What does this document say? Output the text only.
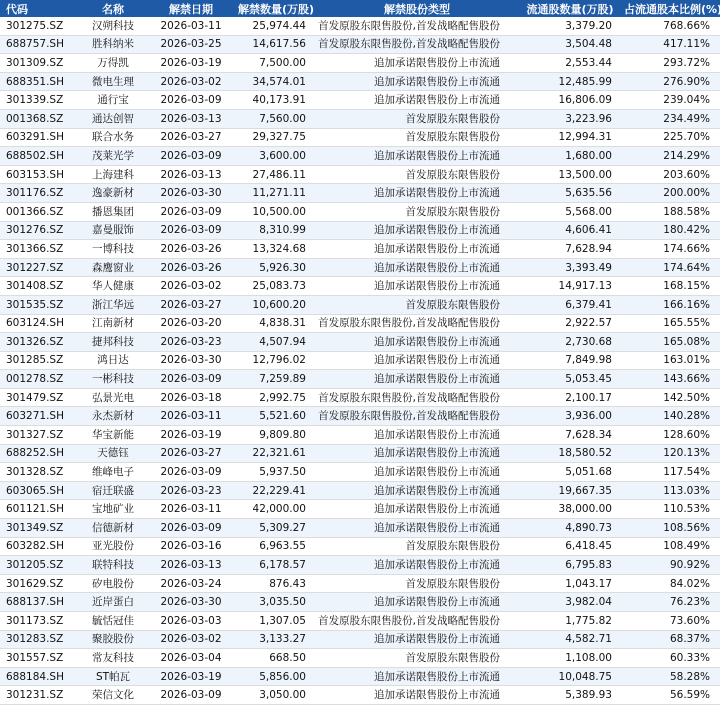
代码	名称	解禁日期	解禁数量(万股)	解禁股份类型	流通股数量(万股)	占流通股本比例(%)
301275.SZ	汉朔科技	2026-03-11	25,974.44	首发原股东限售股份,首发战略配售股份	3,379.20	768.66%
688757.SH	胜科纳米	2026-03-25	14,617.56	首发原股东限售股份,首发战略配售股份	3,504.48	417.11%
301309.SZ	万得凯	2026-03-19	7,500.00	追加承诺限售股份上市流通	2,553.44	293.72%
688351.SH	微电生理	2026-03-02	34,574.01	追加承诺限售股份上市流通	12,485.99	276.90%
301339.SZ	通行宝	2026-03-09	40,173.91	追加承诺限售股份上市流通	16,806.09	239.04%
001368.SZ	通达创智	2026-03-13	7,560.00	首发原股东限售股份	3,223.96	234.49%
603291.SH	联合水务	2026-03-27	29,327.75	首发原股东限售股份	12,994.31	225.70%
688502.SH	茂莱光学	2026-03-09	3,600.00	追加承诺限售股份上市流通	1,680.00	214.29%
603153.SH	上海建科	2026-03-13	27,486.11	首发原股东限售股份	13,500.00	203.60%
301176.SZ	逸豪新材	2026-03-30	11,271.11	追加承诺限售股份上市流通	5,635.56	200.00%
001366.SZ	播恩集团	2026-03-09	10,500.00	首发原股东限售股份	5,568.00	188.58%
301276.SZ	嘉曼服饰	2026-03-09	8,310.99	追加承诺限售股份上市流通	4,606.41	180.42%
301366.SZ	一博科技	2026-03-26	13,324.68	追加承诺限售股份上市流通	7,628.94	174.66%
301227.SZ	森鹰窗业	2026-03-26	5,926.30	追加承诺限售股份上市流通	3,393.49	174.64%
301408.SZ	华人健康	2026-03-02	25,083.73	追加承诺限售股份上市流通	14,917.13	168.15%
301535.SZ	浙江华远	2026-03-27	10,600.20	首发原股东限售股份	6,379.41	166.16%
603124.SH	江南新材	2026-03-20	4,838.31	首发原股东限售股份,首发战略配售股份	2,922.57	165.55%
301326.SZ	捷邦科技	2026-03-23	4,507.94	追加承诺限售股份上市流通	2,730.68	165.08%
301285.SZ	鸿日达	2026-03-30	12,796.02	追加承诺限售股份上市流通	7,849.98	163.01%
001278.SZ	一彬科技	2026-03-09	7,259.89	追加承诺限售股份上市流通	5,053.45	143.66%
301479.SZ	弘景光电	2026-03-18	2,992.75	首发原股东限售股份,首发战略配售股份	2,100.17	142.50%
603271.SH	永杰新材	2026-03-11	5,521.60	首发原股东限售股份,首发战略配售股份	3,936.00	140.28%
301327.SZ	华宝新能	2026-03-19	9,809.80	追加承诺限售股份上市流通	7,628.34	128.60%
688252.SH	天德钰	2026-03-27	22,321.61	追加承诺限售股份上市流通	18,580.52	120.13%
301328.SZ	维峰电子	2026-03-09	5,937.50	追加承诺限售股份上市流通	5,051.68	117.54%
603065.SH	宿迁联盛	2026-03-23	22,229.41	追加承诺限售股份上市流通	19,667.35	113.03%
601121.SH	宝地矿业	2026-03-11	42,000.00	追加承诺限售股份上市流通	38,000.00	110.53%
301349.SZ	信德新材	2026-03-09	5,309.27	追加承诺限售股份上市流通	4,890.73	108.56%
603282.SH	亚光股份	2026-03-16	6,963.55	首发原股东限售股份	6,418.45	108.49%
301205.SZ	联特科技	2026-03-13	6,178.57	追加承诺限售股份上市流通	6,795.83	90.92%
301629.SZ	矽电股份	2026-03-24	876.43	首发原股东限售股份	1,043.17	84.02%
688137.SH	近岸蛋白	2026-03-30	3,035.50	追加承诺限售股份上市流通	3,982.04	76.23%
301173.SZ	毓恬冠佳	2026-03-03	1,307.05	首发原股东限售股份,首发战略配售股份	1,775.82	73.60%
301283.SZ	聚胶股份	2026-03-02	3,133.27	追加承诺限售股份上市流通	4,582.71	68.37%
301557.SZ	常友科技	2026-03-04	668.50	首发原股东限售股份	1,108.00	60.33%
688184.SH	ST帕瓦	2026-03-19	5,856.00	追加承诺限售股份上市流通	10,048.75	58.28%
301231.SZ	荣信文化	2026-03-09	3,050.00	追加承诺限售股份上市流通	5,389.93	56.59%
